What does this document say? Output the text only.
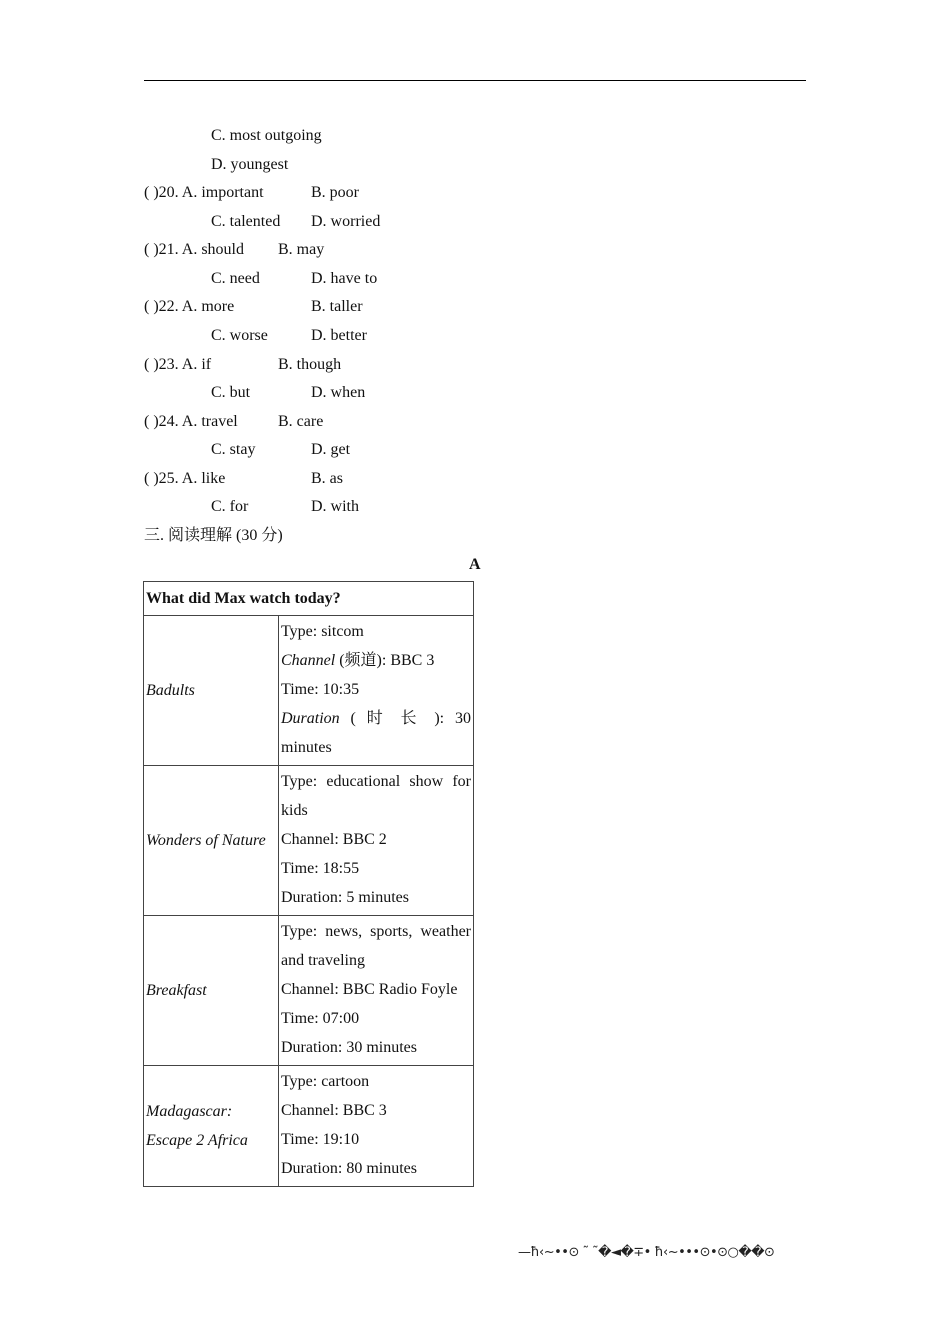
C. most outgoing
D. youngest
( )20. A. important	B. poor
C. talented D. worried
( )21. A. should B. may
C. need	D. have to
( )22. A. more	B. taller
C. worse	D. better
( )23. A. if	B. though
C. but	D. when
( )24. A. travel	B. care
C. stay	D. get
( )25. A. like	B. as
C. for	D. with
三. 阅读理解 (30 分)
A
What did Max watch today?	
Badults	Type: sitcom
Channel (频道): BBC 3
Time: 10:35
Duration ( 时 长 ): 30 minutes

Wonders of Nature	Type: educational show for kids
Channel: BBC 2
Time: 18:55
Duration: 5 minutes

Breakfast	Type: news, sports, weather and traveling
Channel: BBC Radio Foyle
Time: 07:00
Duration: 30 minutes

Madagascar: Escape 2 Africa	Type: cartoon
Channel: BBC 3
Time: 19:10
Duration: 80 minutes
—ħ‹~••⊙ ˜ ˜�◄�∓• ħ‹~•••⊙•⊙○��⊙
